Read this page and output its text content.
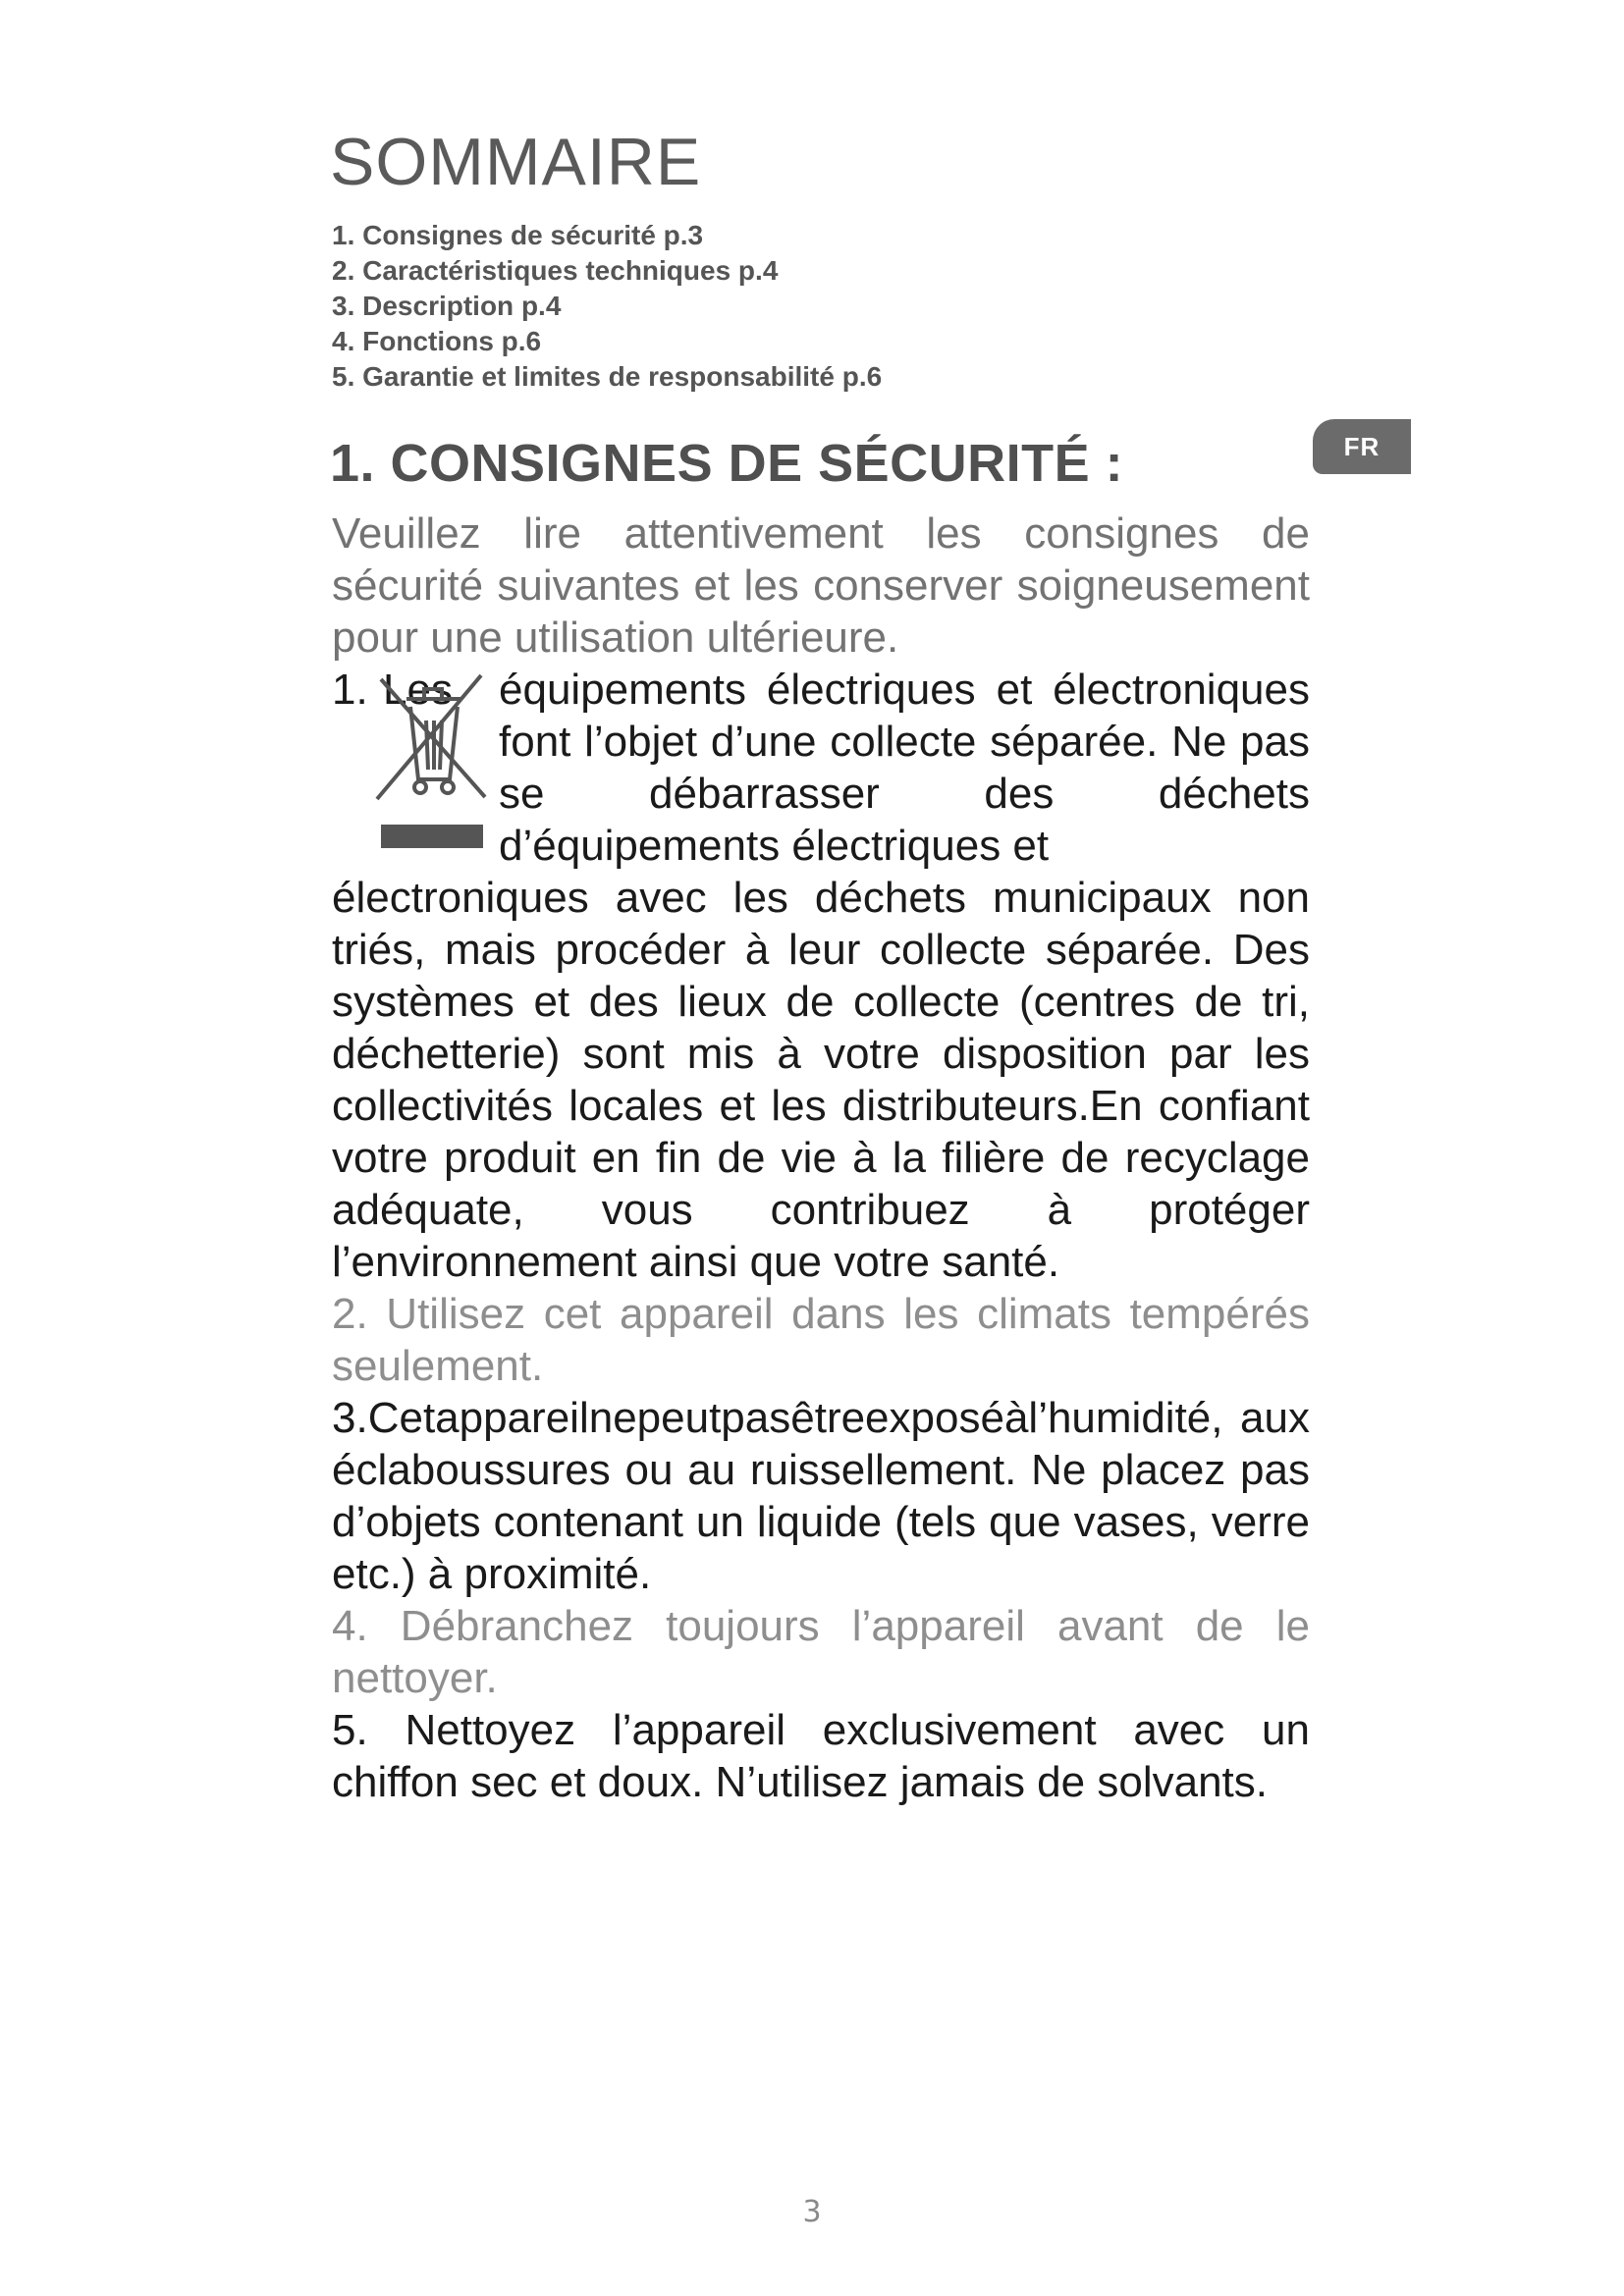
SOMMAIRE
1. Consignes de sécurité p.3
2. Caractéristiques techniques p.4
3. Description p.4
4. Fonctions p.6
5. Garantie et limites de responsabilité p.6
1. CONSIGNES DE SÉCURITÉ :	FR

Veuillez lire attentivement les consignes de sécurité suivantes et les conserver soigneusement pour une utilisation ultérieure.

1. Les équipements électriques et électroniques font l’objet d’une collecte séparée. Ne pas se débarrasser des déchets d’équipements électriques et

électroniques avec les déchets municipaux non triés, mais procéder à leur collecte séparée. Des systèmes et des lieux de collecte (centres de tri, déchetterie) sont mis à votre disposition par les collectivités locales et les distributeurs.En confiant votre produit en fin de vie à la filière de recyclage adéquate, vous contribuez à protéger l’environnement ainsi que votre santé.

2. Utilisez cet appareil dans les climats tempérés seulement.

3.Cetappareilnepeutpasêtreexposéàl’humidité, aux éclaboussures ou au ruissellement. Ne placez pas d’objets contenant un liquide (tels que vases, verre etc.) à proximité.

4. Débranchez toujours l’appareil avant de le nettoyer.

5. Nettoyez l’appareil exclusivement avec un chiffon sec et doux. N’utilisez jamais de solvants.

3
